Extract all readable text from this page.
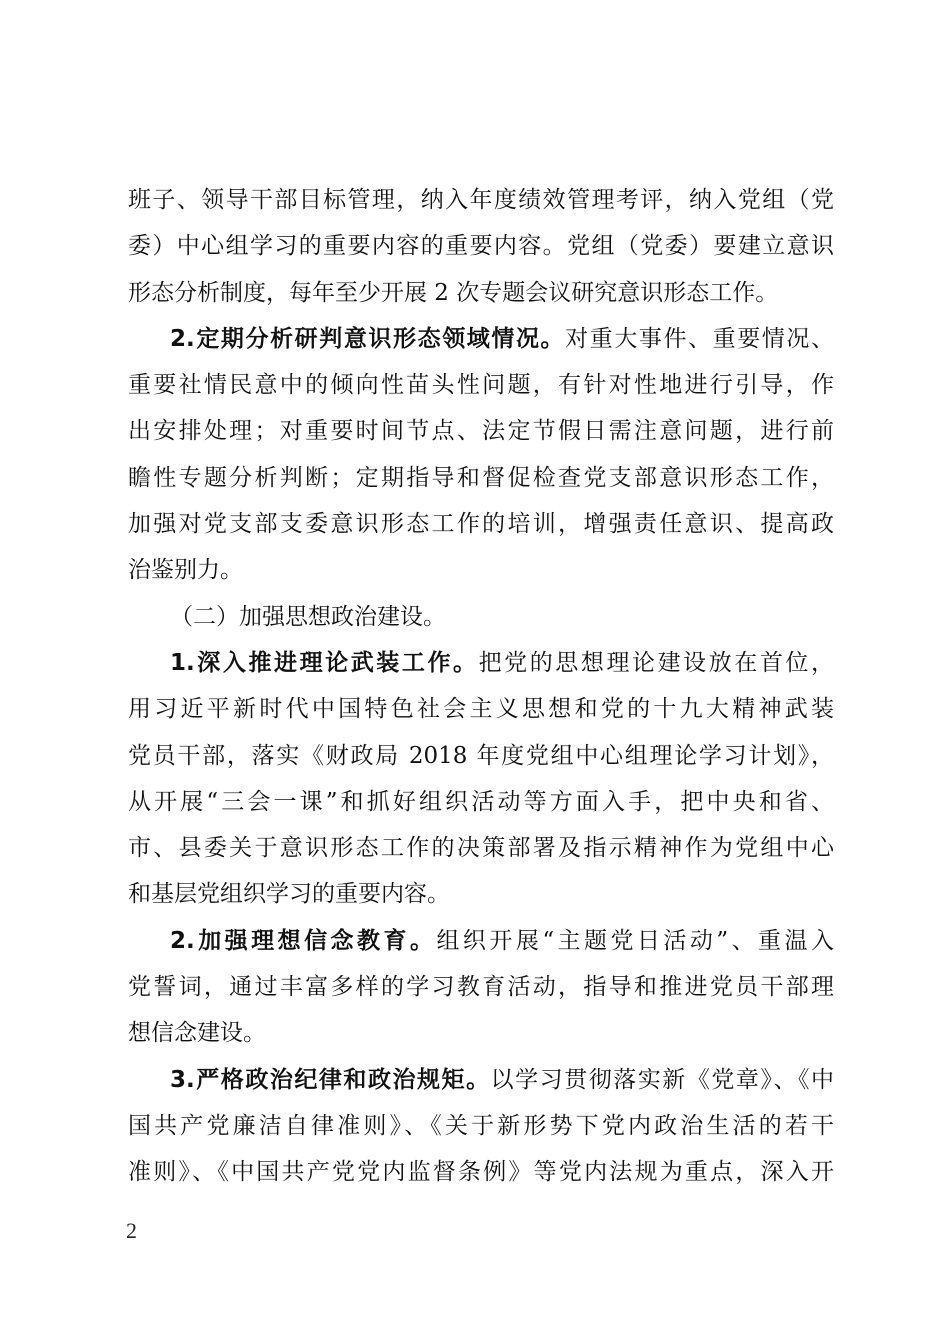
班子、领导干部目标管理，纳入年度绩效管理考评，纳入党组（党
委）中心组学习的重要内容的重要内容。党组（党委）要建立意识
形态分析制度，每年至少开展 2 次专题会议研究意识形态工作。

2.定期分析研判意识形态领域情况。对重大事件、重要情况、
重要社情民意中的倾向性苗头性问题，有针对性地进行引导，作
出安排处理；对重要时间节点、法定节假日需注意问题，进行前
瞻性专题分析判断；定期指导和督促检查党支部意识形态工作，
加强对党支部支委意识形态工作的培训，增强责任意识、提高政
治鉴别力。

（二）加强思想政治建设。

1.深入推进理论武装工作。把党的思想理论建设放在首位，
用习近平新时代中国特色社会主义思想和党的十九大精神武装
党员干部，落实《财政局 2018 年度党组中心组理论学习计划》，
从开展“三会一课”和抓好组织活动等方面入手，把中央和省、
市、县委关于意识形态工作的决策部署及指示精神作为党组中心
和基层党组织学习的重要内容。

2.加强理想信念教育。组织开展“主题党日活动”、重温入
党誓词，通过丰富多样的学习教育活动，指导和推进党员干部理
想信念建设。

3.严格政治纪律和政治规矩。以学习贯彻落实新《党章》、《中
国共产党廉洁自律准则》、《关于新形势下党内政治生活的若干
准则》、《中国共产党党内监督条例》等党内法规为重点，深入开

2
